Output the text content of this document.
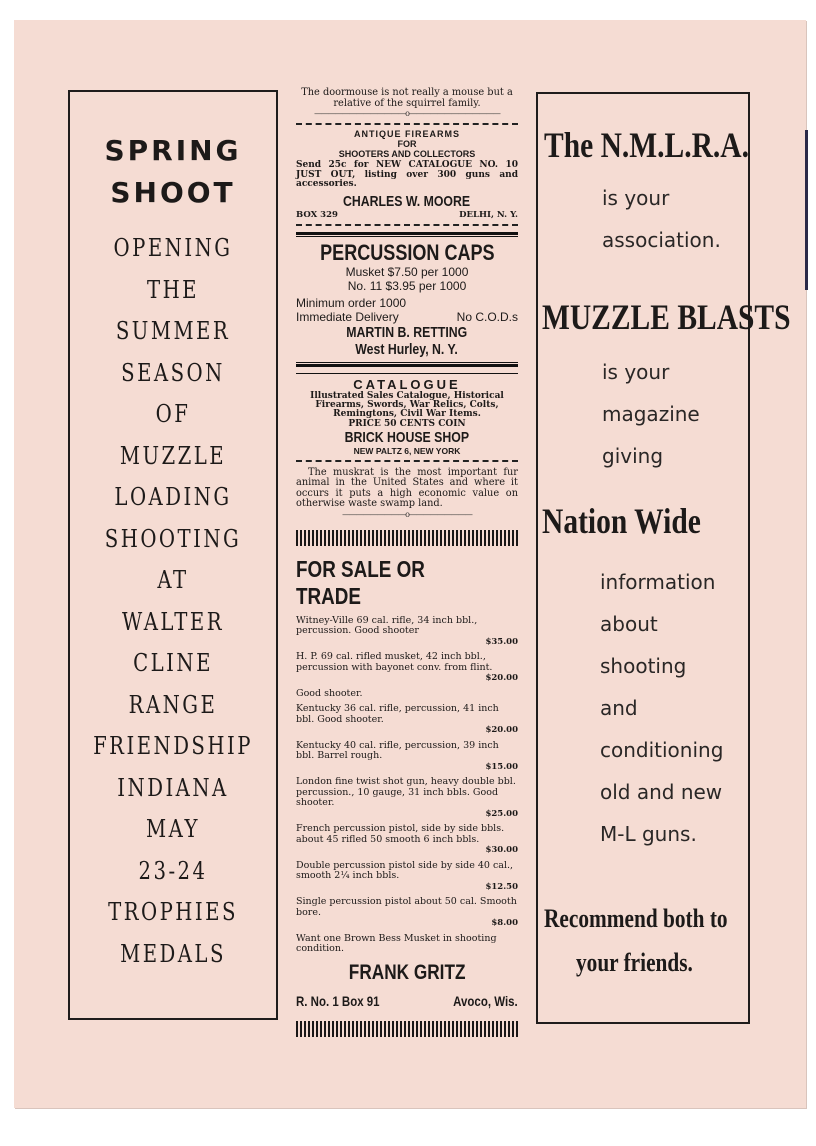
SPRING
SHOOT
OPENING
THE
SUMMER
SEASON
OF
MUZZLE
LOADING
SHOOTING
AT
WALTER
CLINE
RANGE
FRIENDSHIP
INDIANA
MAY
23-24
TROPHIES
MEDALS
The doormouse is not really a mouse but a relative of the squirrel family.
—————————————o—————————————
ANTIQUE FIREARMS
FOR
SHOOTERS AND COLLECTORS
Send 25c for NEW CATALOGUE NO. 10 JUST OUT, listing over 300 guns and accessories.
CHARLES W. MOORE
BOX 329	DELHI, N. Y.
PERCUSSION CAPS
Musket $7.50 per 1000
No. 11 $3.95 per 1000
Minimum order 1000
Immediate Delivery	No C.O.D.s
MARTIN B. RETTING
West Hurley, N. Y.
CATALOGUE
Illustrated Sales Catalogue, Historical Firearms, Swords, War Relics, Colts, Remingtons, Civil War Items.
PRICE 50 CENTS COIN
BRICK HOUSE SHOP
NEW PALTZ 6, NEW YORK
The muskrat is the most important fur animal in the United States and where it occurs it puts a high economic value on otherwise waste swamp land.
—————————o—————————
FOR SALE OR TRADE
Witney-Ville 69 cal. rifle, 34 inch bbl., percussion. Good shooter
$35.00
H. P. 69 cal. rifled musket, 42 inch bbl., percussion with bayonet conv. from flint.
$20.00
Good shooter.
Kentucky 36 cal. rifle, percussion, 41 inch bbl. Good shooter.
$20.00
Kentucky 40 cal. rifle, percussion, 39 inch bbl. Barrel rough.
$15.00
London fine twist shot gun, heavy double bbl. percussion., 10 gauge, 31 inch bbls. Good shooter.
$25.00
French percussion pistol, side by side bbls. about 45 rifled 50 smooth 6 inch bbls.
$30.00
Double percussion pistol side by side 40 cal., smooth 2¼ inch bbls.
$12.50
Single percussion pistol about 50 cal. Smooth bore.
$8.00
Want one Brown Bess Musket in shooting condition.
FRANK GRITZ
R. No. 1 Box 91	Avoco, Wis.
The N.M.L.R.A.
is your
association.
MUZZLE BLASTS
is your
magazine
giving
Nation Wide
information
about
shooting
and
conditioning
old and new
M-L guns.
Recommend both to
your friends.
